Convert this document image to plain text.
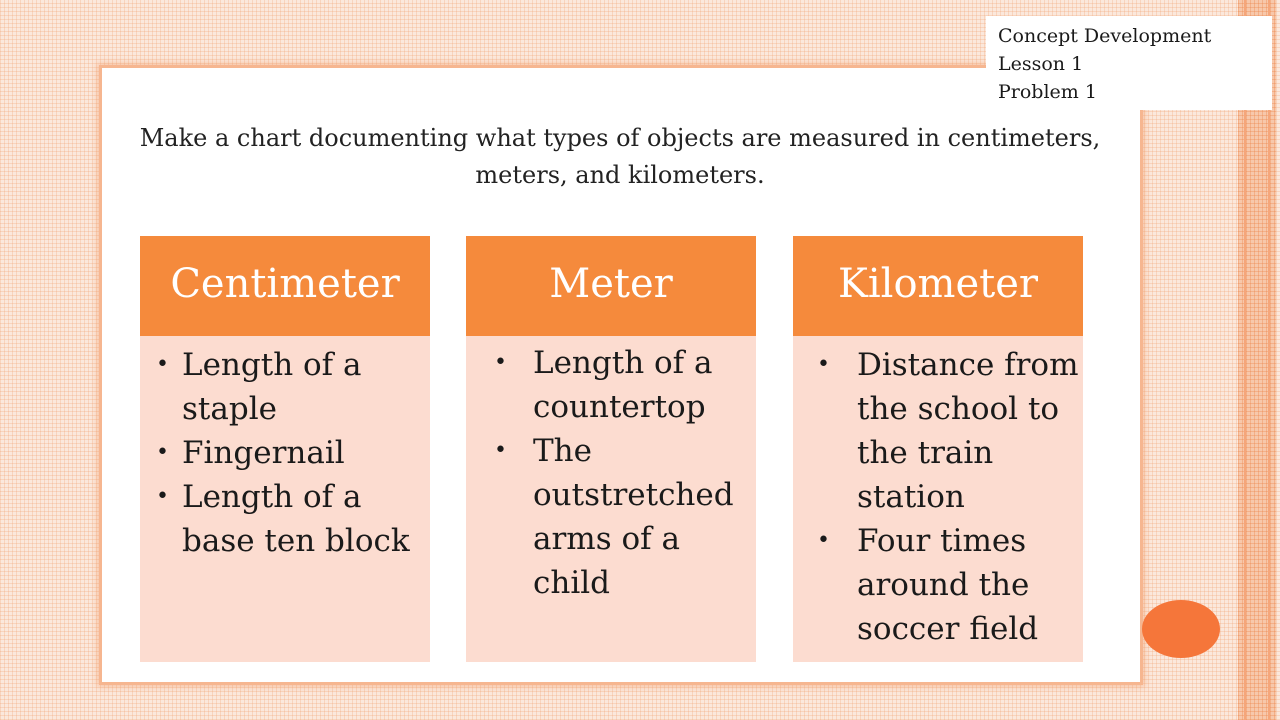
Concept Development
Lesson 1
Problem 1
Make a chart documenting what types of objects are measured in centimeters, meters, and kilometers.
Centimeter
• Length of a staple
• Fingernail
• Length of a base ten block
Meter
• Length of a countertop
• The outstretched arms of a child
Kilometer
• Distance from the school to the train station
• Four times around the soccer field
